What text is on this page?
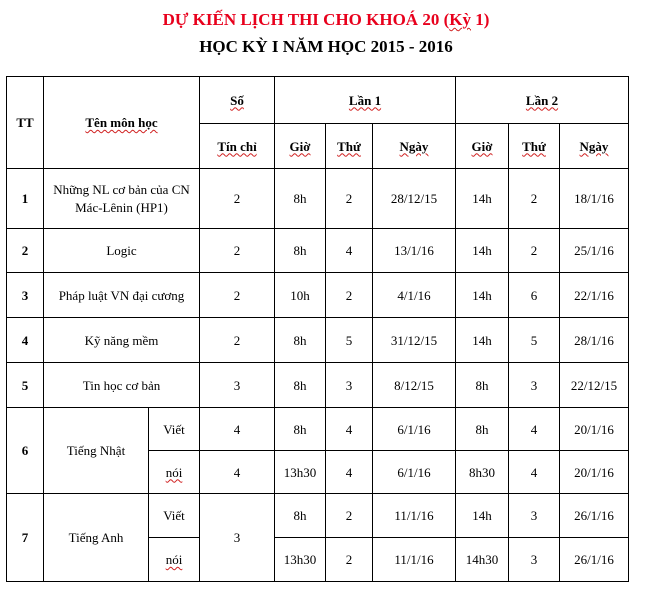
DỰ KIẾN LỊCH THI CHO KHOÁ 20 (Kỳ 1)
HỌC KỲ I NĂM HỌC 2015 - 2016
TT	Tên môn học		Số	Lần 1			Lần 2		
			Tín chỉ	Giờ	Thứ	Ngày	Giờ	Thứ	Ngày
1	Những NL cơ bản của CN Mác-Lênin (HP1)		2	8h	2	28/12/15	14h	2	18/1/16
2	Logic		2	8h	4	13/1/16	14h	2	25/1/16
3	Pháp luật VN đại cương		2	10h	2	4/1/16	14h	6	22/1/16
4	Kỹ năng mềm		2	8h	5	31/12/15	14h	5	28/1/16
5	Tin học cơ bản		3	8h	3	8/12/15	8h	3	22/12/15
6	Tiếng Nhật	Viết	4	8h	4	6/1/16	8h	4	20/1/16
		nói	4	13h30	4	6/1/16	8h30	4	20/1/16
7	Tiếng Anh	Viết	3	8h	2	11/1/16	14h	3	26/1/16
		nói		13h30	2	11/1/16	14h30	3	26/1/16
